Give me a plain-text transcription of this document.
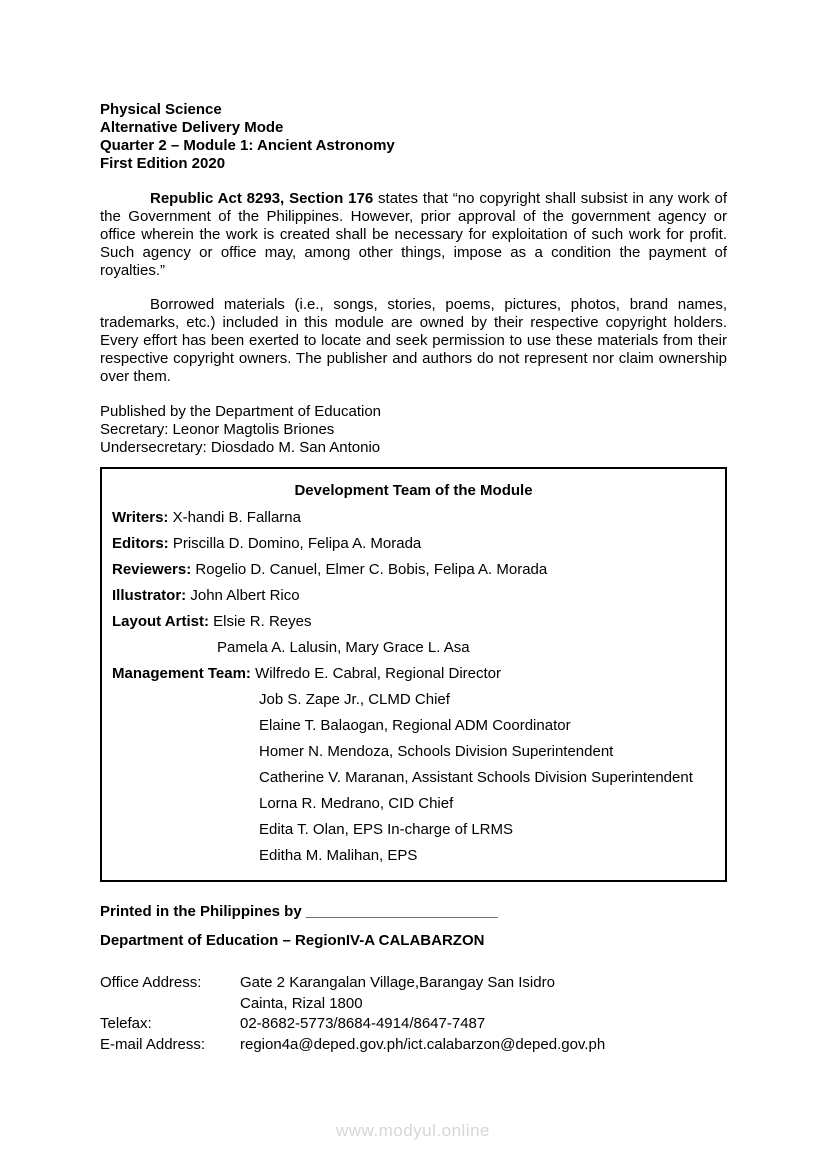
Physical Science
Alternative Delivery Mode
Quarter 2 – Module 1: Ancient Astronomy
First Edition 2020

Republic Act 8293, Section 176 states that “no copyright shall subsist in any work of the Government of the Philippines. However, prior approval of the government agency or office wherein the work is created shall be necessary for exploitation of such work for profit. Such agency or office may, among other things, impose as a condition the payment of royalties.”

Borrowed materials (i.e., songs, stories, poems, pictures, photos, brand names, trademarks, etc.) included in this module are owned by their respective copyright holders. Every effort has been exerted to locate and seek permission to use these materials from their respective copyright owners. The publisher and authors do not represent nor claim ownership over them.

Published by the Department of Education
Secretary: Leonor Magtolis Briones
Undersecretary: Diosdado M. San Antonio
Development Team of the Module
Writers: X-handi B. Fallarna
Editors: Priscilla D. Domino, Felipa A. Morada
Reviewers: Rogelio D. Canuel, Elmer C. Bobis, Felipa A. Morada
Illustrator: John Albert Rico
Layout Artist: Elsie R. Reyes
Pamela A. Lalusin, Mary Grace L. Asa
Management Team: Wilfredo E. Cabral, Regional Director
Job S. Zape Jr., CLMD Chief
Elaine T. Balaogan, Regional ADM Coordinator
Homer N. Mendoza, Schools Division Superintendent
Catherine V. Maranan, Assistant Schools Division Superintendent
Lorna R. Medrano, CID Chief
Edita T. Olan, EPS In-charge of LRMS
Editha M. Malihan, EPS

Printed in the Philippines by _______________________

Department of Education – RegionIV-A CALABARZON

Office Address:	Gate 2 Karangalan Village,Barangay San Isidro
Cainta, Rizal 1800
Telefax:	02-8682-5773/8684-4914/8647-7487
E-mail Address:	region4a@deped.gov.ph/ict.calabarzon@deped.gov.ph
www.modyul.online
